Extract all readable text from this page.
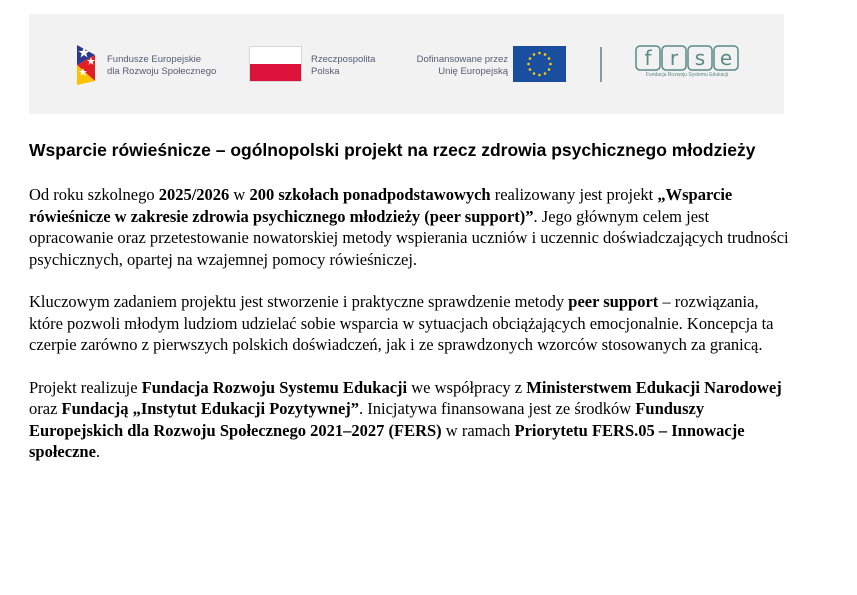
Fundusze Europejskie
dla Rozwoju Społecznego
Rzeczpospolita
Polska
Dofinansowane przez
Unię Europejską
f r s e
Fundacja Rozwoju Systemu Edukacji
Wsparcie rówieśnicze – ogólnopolski projekt na rzecz zdrowia psychicznego młodzieży

Od roku szkolnego 2025/2026 w 200 szkołach ponadpodstawowych realizowany jest projekt „Wsparcie rówieśnicze w zakresie zdrowia psychicznego młodzieży (peer support)”. Jego głównym celem jest opracowanie oraz przetestowanie nowatorskiej metody wspierania uczniów i uczennic doświadczających trudności psychicznych, opartej na wzajemnej pomocy rówieśniczej.

Kluczowym zadaniem projektu jest stworzenie i praktyczne sprawdzenie metody peer support – rozwiązania, które pozwoli młodym ludziom udzielać sobie wsparcia w sytuacjach obciążających emocjonalnie. Koncepcja ta czerpie zarówno z pierwszych polskich doświadczeń, jak i ze sprawdzonych wzorców stosowanych za granicą.

Projekt realizuje Fundacja Rozwoju Systemu Edukacji we współpracy z Ministerstwem Edukacji Narodowej oraz Fundacją „Instytut Edukacji Pozytywnej”. Inicjatywa finansowana jest ze środków Funduszy Europejskich dla Rozwoju Społecznego 2021–2027 (FERS) w ramach Priorytetu FERS.05 – Innowacje społeczne.
